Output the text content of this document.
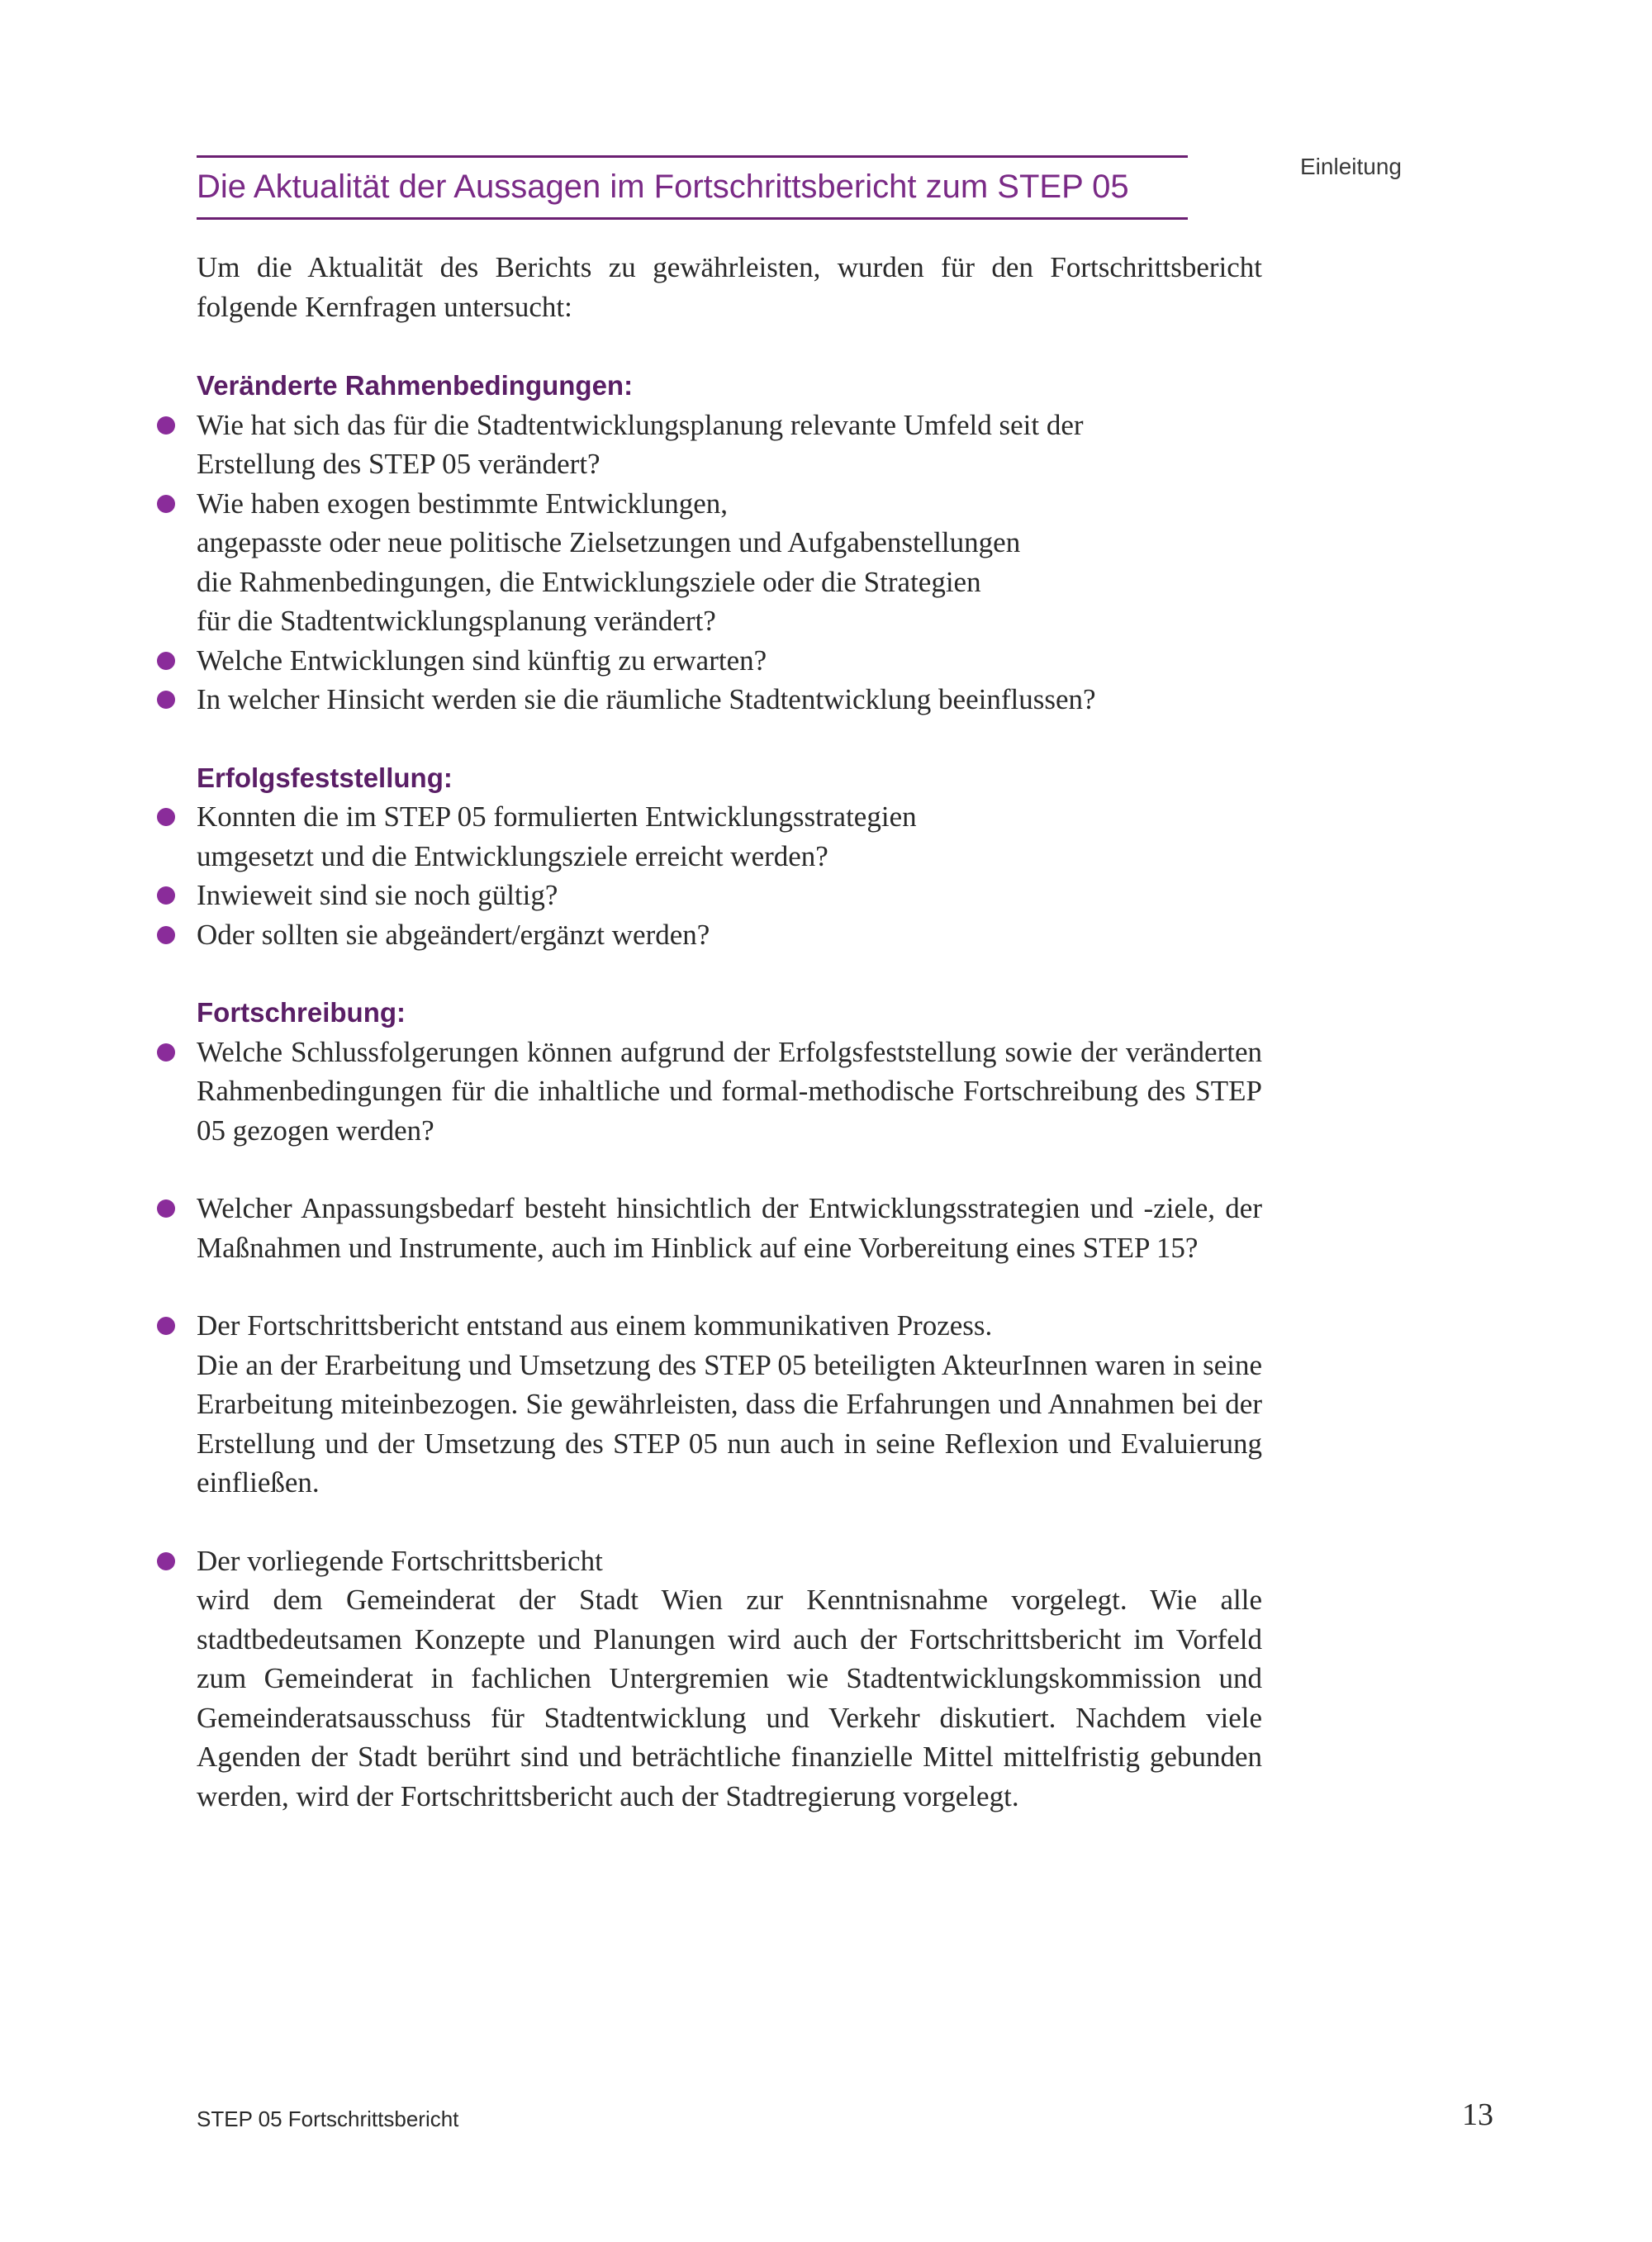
Einleitung
Die Aktualität der Aussagen im Fortschrittsbericht zum STEP 05

Um die Aktualität des Berichts zu gewährleisten, wurden für den Fortschrittsbericht folgende Kernfragen untersucht:

Veränderte Rahmenbedingungen:
Wie hat sich das für die Stadtentwicklungsplanung relevante Umfeld seit der
Erstellung des STEP 05 verändert?
Wie haben exogen bestimmte Entwicklungen,
angepasste oder neue politische Zielsetzungen und Aufgabenstellungen
die Rahmenbedingungen, die Entwicklungsziele oder die Strategien
für die Stadtentwicklungsplanung verändert?
Welche Entwicklungen sind künftig zu erwarten?
In welcher Hinsicht werden sie die räumliche Stadtentwicklung beeinflussen?
Erfolgsfeststellung:
Konnten die im STEP 05 formulierten Entwicklungsstrategien
umgesetzt und die Entwicklungsziele erreicht werden?
Inwieweit sind sie noch gültig?
Oder sollten sie abgeändert/ergänzt werden?
Fortschreibung:
Welche Schlussfolgerungen können aufgrund der Erfolgsfeststellung sowie der veränderten Rahmenbedingungen für die inhaltliche und formal-methodische Fortschreibung des STEP 05 gezogen werden?
Welcher Anpassungsbedarf besteht hinsichtlich der Entwicklungsstrategien und -ziele, der Maßnahmen und Instrumente, auch im Hinblick auf eine Vorbereitung eines STEP 15?
Der Fortschrittsbericht entstand aus einem kommunikativen Prozess.
Die an der Erarbeitung und Umsetzung des STEP 05 beteiligten AkteurInnen waren in seine Erarbeitung miteinbezogen. Sie gewährleisten, dass die Erfahrungen und Annahmen bei der Erstellung und der Umsetzung des STEP 05 nun auch in seine Reflexion und Evaluierung einfließen.
Der vorliegende Fortschrittsbericht
wird dem Gemeinderat der Stadt Wien zur Kenntnisnahme vorgelegt. Wie alle stadtbedeutsamen Konzepte und Planungen wird auch der Fortschrittsbericht im Vorfeld zum Gemeinderat in fachlichen Untergremien wie Stadtentwicklungskommission und Gemeinderatsausschuss für Stadtentwicklung und Verkehr diskutiert. Nachdem viele Agenden der Stadt berührt sind und beträchtliche finanzielle Mittel mittelfristig gebunden werden, wird der Fortschrittsbericht auch der Stadtregierung vorgelegt.
STEP 05 Fortschrittsbericht	13
